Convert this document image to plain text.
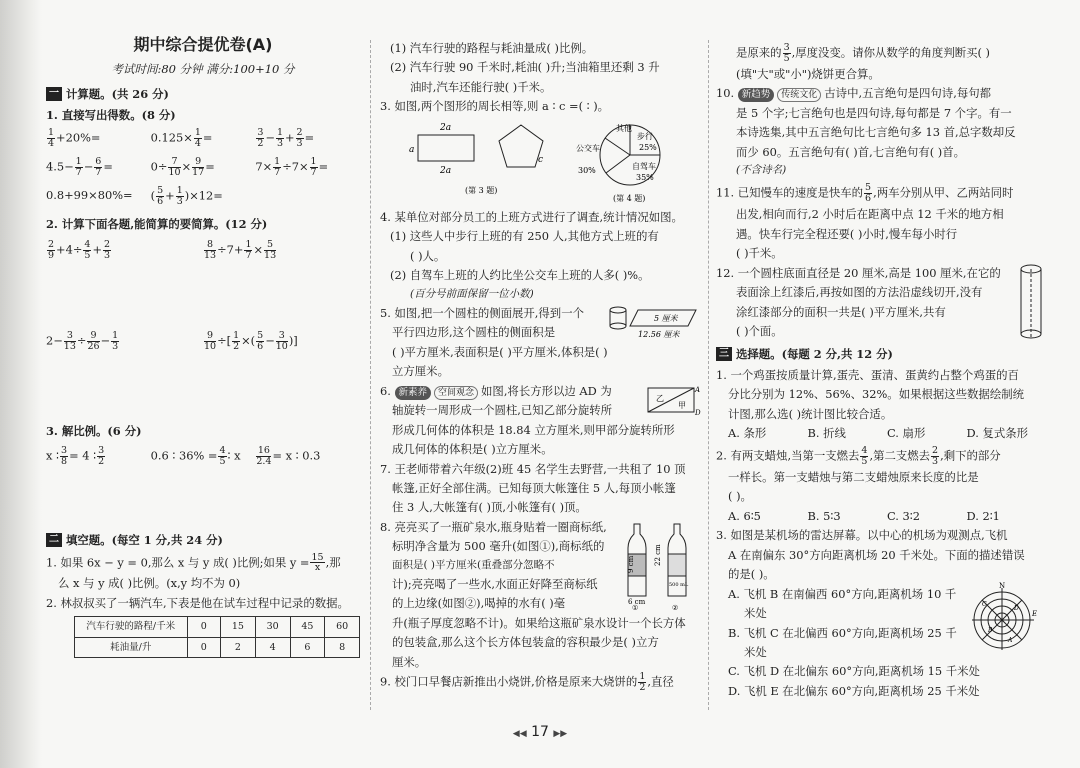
期中综合提优卷(A)
考试时间:80 分钟 满分:100+10 分
一 计算题。(共 26 分)
1. 直接写出得数。(8 分)
$\frac{1}{4} +20\%=$	$0.125\times \frac{1}{4}$ =	$\frac{3}{2} - \frac{1}{3} + \frac{2}{3}$ =
$4.5- \frac{1}{7} - \frac{6}{7}$ =	$0\div \frac{7}{10} \times \frac{9}{17}$ =	$7\times \frac{1}{7} \div 7\times \frac{1}{7}$ =
0.8+99×80%=	( $\frac{5}{6} + \frac{1}{3} )\times 12=$
2. 计算下面各题,能简算的要简算。(12 分)
$\frac{2}{9} +4\div \frac{4}{5} + \frac{2}{3}$	$\frac{8}{13} \div 7+ \frac{1}{7} \times \frac{5}{13}$
$2- \frac{3}{13} \div \frac{9}{26} - \frac{1}{3}$	$\frac{9}{10}$ ÷[ $\frac{1}{2}$ ×( $\frac{5}{6} - \frac{3}{10}$ )]
3. 解比例。(6 分)
x ∶ $\frac{3}{8} = 4$ ∶ $\frac{3}{2}$	0.6 ∶ $36\% = \frac{4}{5}$ ∶ x	$\frac{16}{2.4} = x$ ∶ 0.3
二 填空题。(每空 1 分,共 24 分)
1. 如果 6x − y = 0,那么 x 与 y 成( )比例;如果 $y = \frac{15}{x}$ ,那
么 x 与 y 成( )比例。(x,y 均不为 0)
2. 林叔叔买了一辆汽车,下表是他在试车过程中记录的数据。
汽车行驶的路程/千米	0	15	30	45	60
耗油量/升	0	2	4	6	8
(1) 汽车行驶的路程与耗油量成( )比例。
(2) 汽车行驶 90 千米时,耗油( )升;当油箱里还剩 3 升
油时,汽车还能行驶( )千米。
3. 如图,两个图形的周长相等,则 a ∶ c =( ∶ )。
2a
2a
a
c
(第 3 题)
其他
步行
25%
公交车
30%	自驾车
35%
(第 4 题)
4. 某单位对部分员工的上班方式进行了调查,统计情况如图。
(1) 这些人中步行上班的有 250 人,其他方式上班的有
( )人。
(2) 自驾车上班的人约比坐公交车上班的人多( )%。
(百分号前面保留一位小数)
5. 如图,把一个圆柱的侧面展开,得到一个
平行四边形,这个圆柱的侧面积是
( )平方厘米,表面积是( )平方厘米,体积是( )
立方厘米。
5 厘米
12.56 厘米
6. 新素养 空间观念 如图,将长方形以边 AD 为
轴旋转一周形成一个圆柱,已知乙部分旋转所
形成几何体的体积是 18.84 立方厘米,则甲部分旋转所形
成几何体的体积是( )立方厘米。
乙
甲
A
D
7. 王老师带着六年级(2)班 45 名学生去野营,一共租了 10 顶
帐篷,正好全部住满。已知每顶大帐篷住 5 人,每顶小帐篷
住 3 人,大帐篷有( )顶,小帐篷有( )顶。
8. 亮亮买了一瓶矿泉水,瓶身贴着一圈商标纸,
标明净含量为 500 毫升(如图①),商标纸的
面积是( )平方厘米(重叠部分忽略不
计);亮亮喝了一些水,水面正好降至商标纸
的上边缘(如图②),喝掉的水有( )毫
升(瓶子厚度忽略不计)。如果给这瓶矿泉水设计一个长方体
的包装盒,那么这个长方体包装盒的容积最少是( )立方
厘米。
9 cm	22 cm
6 cm
①
500 mL
②
9. 校门口早餐店新推出小烧饼,价格是原来大烧饼的 $\frac{1}{2}$ ,直径
是原来的 $\frac{3}{5}$ ,厚度没变。请你从数学的角度判断买( )
(填"大"或"小")烧饼更合算。
10. 新趋势 传统文化 古诗中,五言绝句是四句诗,每句都
是 5 个字;七言绝句也是四句诗,每句都是 7 个字。有一
本诗选集,其中五言绝句比七言绝句多 13 首,总字数却反
而少 60。五言绝句有( )首,七言绝句有( )首。
(不含诗名)
11. 已知慢车的速度是快车的 $\frac{5}{6}$ ,两车分别从甲、乙两站同时
出发,相向而行,2 小时后在距离中点 12 千米的地方相
遇。快车行完全程还要( )小时,慢车每小时行
( )千米。
12. 一个圆柱底面直径是 20 厘米,高是 100 厘米,在它的
表面涂上红漆后,再按如图的方法沿虚线切开,没有
涂红漆部分的面积一共是( )平方厘米,共有
( )个面。
三 选择题。(每题 2 分,共 12 分)
1. 一个鸡蛋按质量计算,蛋壳、蛋清、蛋黄约占整个鸡蛋的百
分比分别为 12%、56%、32%。如果根据这些数据绘制统
计图,那么选( )统计图比较合适。
A. 条形	B. 折线	C. 扇形	D. 复式条形
2. 有两支蜡烛,当第一支燃去 $\frac{4}{5}$ ,第二支燃去 $\frac{2}{3}$ ,剩下的部分
一样长。第一支蜡烛与第二支蜡烛原来长度的比是
( )。
A. 6∶5	B. 5∶3	C. 3∶2	D. 2∶1
3. 如图是某机场的雷达屏幕。以中心的机场为观测点,飞机
A 在南偏东 30°方向距离机场 20 千米处。下面的描述错误
的是( )。
A. 飞机 B 在南偏西 60°方向,距离机场 10 千
米处
B. 飞机 C 在北偏西 60°方向,距离机场 25 千
米处
C. 飞机 D 在北偏东 60°方向,距离机场 15 千米处
D. 飞机 E 在北偏东 60°方向,距离机场 25 千米处
N
E
A
B
C
D
◀◀ 17 ▶▶
